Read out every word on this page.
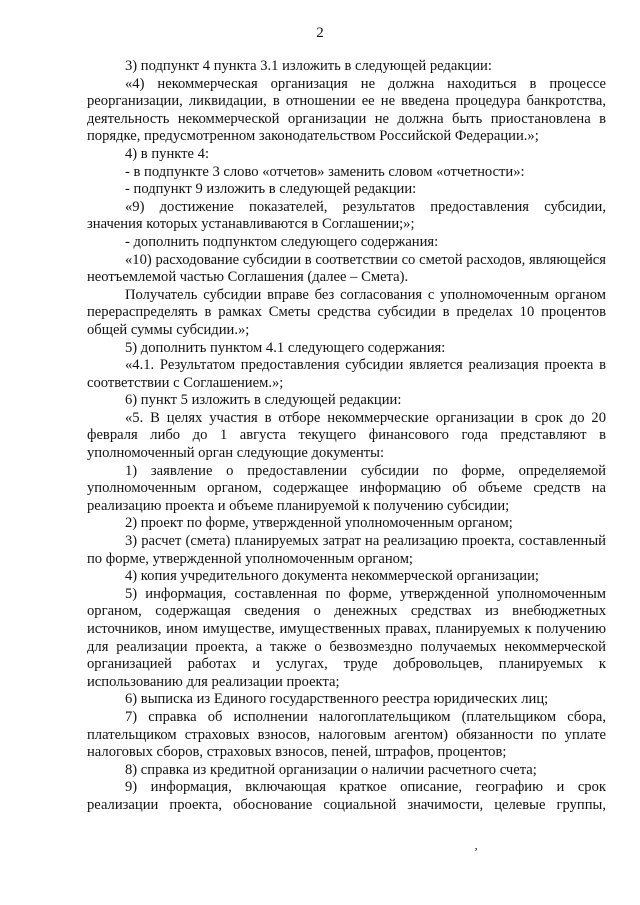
2

3) подпункт 4 пункта 3.1 изложить в следующей редакции:

«4) некоммерческая организация не должна находиться в процессе реорганизации, ликвидации, в отношении ее не введена процедура банкротства, деятельность некоммерческой организации не должна быть приостановлена в порядке, предусмотренном законодательством Российской Федерации.»;

4) в пункте 4:

- в подпункте 3 слово «отчетов» заменить словом «отчетности»:

- подпункт 9 изложить в следующей редакции:

«9) достижение показателей, результатов предоставления субсидии, значения которых устанавливаются в Соглашении;»;

- дополнить подпунктом следующего содержания:

«10) расходование субсидии в соответствии со сметой расходов, являющейся неотъемлемой частью Соглашения (далее – Смета).

Получатель субсидии вправе без согласования с уполномоченным органом перераспределять в рамках Сметы средства субсидии в пределах 10 процентов общей суммы субсидии.»;

5) дополнить пунктом 4.1 следующего содержания:

«4.1. Результатом предоставления субсидии является реализация проекта в соответствии с Соглашением.»;

6) пункт 5 изложить в следующей редакции:

«5. В целях участия в отборе некоммерческие организации в срок до 20 февраля либо до 1 августа текущего финансового года представляют в уполномоченный орган следующие документы:

1) заявление о предоставлении субсидии по форме, определяемой уполномоченным органом, содержащее информацию об объеме средств на реализацию проекта и объеме планируемой к получению субсидии;

2) проект по форме, утвержденной уполномоченным органом;

3) расчет (смета) планируемых затрат на реализацию проекта, составленный по форме, утвержденной уполномоченным органом;

4) копия учредительного документа некоммерческой организации;

5) информация, составленная по форме, утвержденной уполномоченным органом, содержащая сведения о денежных средствах из внебюджетных источников, ином имуществе, имущественных правах, планируемых к получению для реализации проекта, а также о безвозмездно получаемых некоммерческой организацией работах и услугах, труде добровольцев, планируемых к использованию для реализации проекта;

6) выписка из Единого государственного реестра юридических лиц;

7) справка об исполнении налогоплательщиком (плательщиком сбора, плательщиком страховых взносов, налоговым агентом) обязанности по уплате налоговых сборов, страховых взносов, пеней, штрафов, процентов;

8) справка из кредитной организации о наличии расчетного счета;

9) информация, включающая краткое описание, географию и срок реализации проекта, обоснование социальной значимости, целевые группы,

ʼ
